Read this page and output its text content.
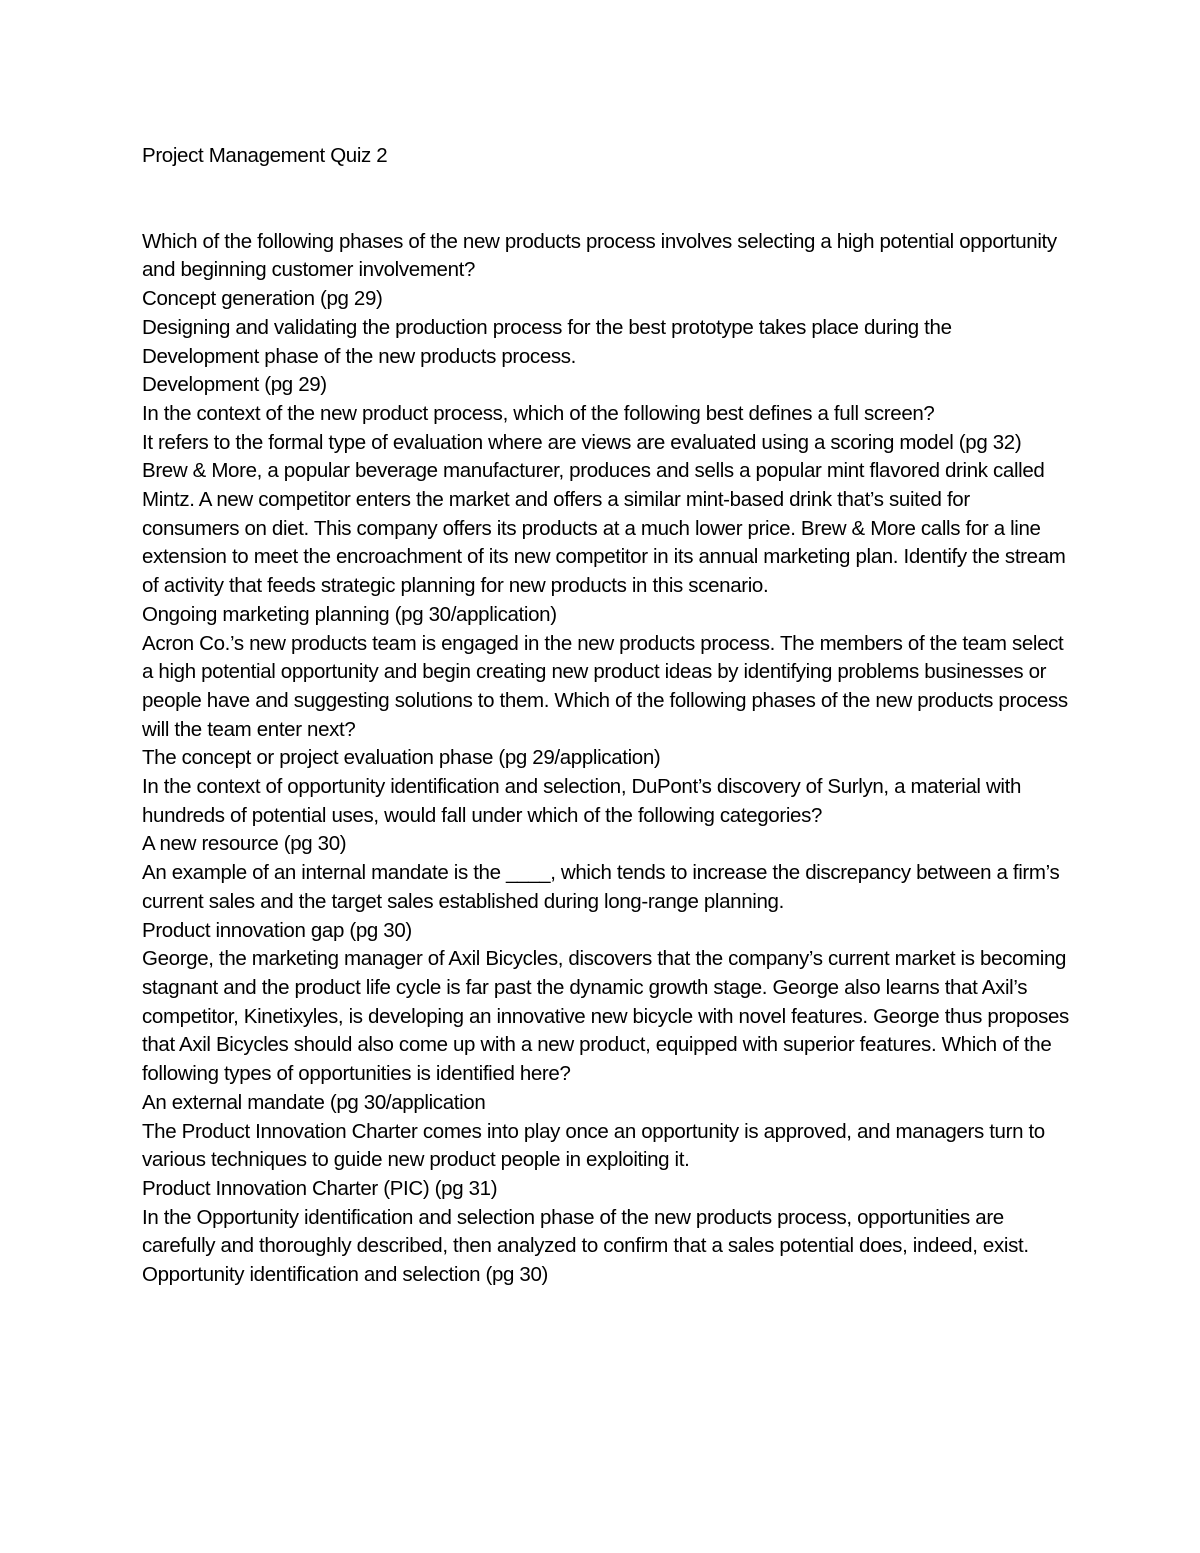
Project Management Quiz 2

Which of the following phases of the new products process involves selecting a high potential opportunity and beginning customer involvement?

Concept generation (pg 29)

Designing and validating the production process for the best prototype takes place during the Development phase of the new products process.

Development (pg 29)

In the context of the new product process, which of the following best defines a full screen?

It refers to the formal type of evaluation where are views are evaluated using a scoring model (pg 32)

Brew & More, a popular beverage manufacturer, produces and sells a popular mint flavored drink called Mintz. A new competitor enters the market and offers a similar mint-based drink that’s suited for consumers on diet. This company offers its products at a much lower price. Brew & More calls for a line extension to meet the encroachment of its new competitor in its annual marketing plan. Identify the stream of activity that feeds strategic planning for new products in this scenario.

Ongoing marketing planning (pg 30/application)

Acron Co.’s new products team is engaged in the new products process. The members of the team select a high potential opportunity and begin creating new product ideas by identifying problems businesses or people have and suggesting solutions to them. Which of the following phases of the new products process will the team enter next?

The concept or project evaluation phase (pg 29/application)

In the context of opportunity identification and selection, DuPont’s discovery of Surlyn, a material with hundreds of potential uses, would fall under which of the following categories?

A new resource (pg 30)

An example of an internal mandate is the ____, which tends to increase the discrepancy between a firm’s current sales and the target sales established during long-range planning.

Product innovation gap (pg 30)

George, the marketing manager of Axil Bicycles, discovers that the company’s current market is becoming stagnant and the product life cycle is far past the dynamic growth stage. George also learns that Axil’s competitor, Kinetixyles, is developing an innovative new bicycle with novel features. George thus proposes that Axil Bicycles should also come up with a new product, equipped with superior features. Which of the following types of opportunities is identified here?

An external mandate (pg 30/application

The Product Innovation Charter comes into play once an opportunity is approved, and managers turn to various techniques to guide new product people in exploiting it.

Product Innovation Charter (PIC) (pg 31)

In the Opportunity identification and selection phase of the new products process, opportunities are carefully and thoroughly described, then analyzed to confirm that a sales potential does, indeed, exist.

Opportunity identification and selection (pg 30)
